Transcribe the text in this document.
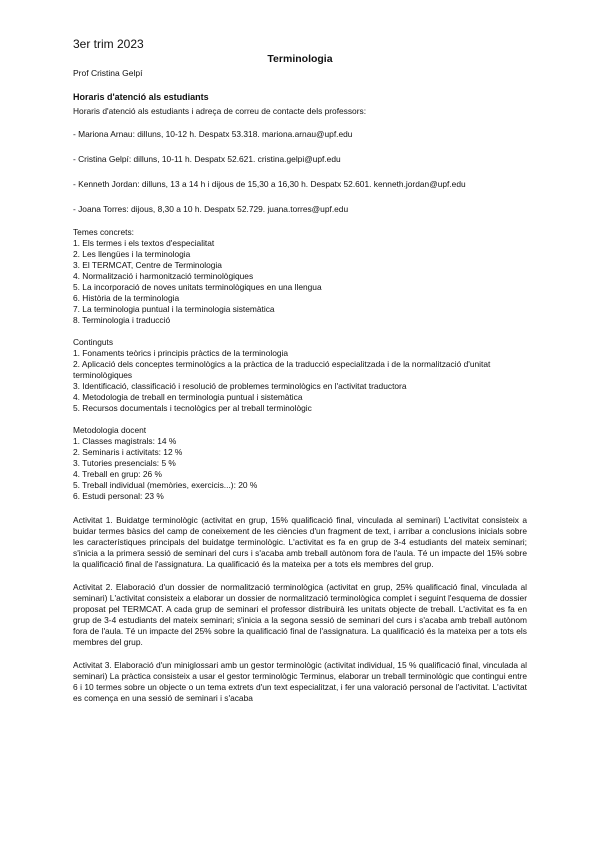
3er trim 2023
Terminologia
Prof Cristina Gelpí
Horaris d'atenció als estudiants

Horaris d'atenció als estudiants i adreça de correu de contacte dels professors:

- Mariona Arnau: dilluns, 10-12 h. Despatx 53.318. mariona.arnau@upf.edu

- Cristina Gelpí: dilluns, 10-11 h. Despatx 52.621. cristina.gelpi@upf.edu

- Kenneth Jordan: dilluns, 13 a 14 h i dijous de 15,30 a 16,30 h. Despatx 52.601. kenneth.jordan@upf.edu

- Joana Torres: dijous, 8,30 a 10 h. Despatx 52.729. juana.torres@upf.edu

Temes concrets:
1. Els termes i els textos d'especialitat
2. Les llengües i la terminologia
3. El TERMCAT, Centre de Terminologia
4. Normalització i harmonització terminològiques
5. La incorporació de noves unitats terminològiques en una llengua
6. Història de la terminologia
7. La terminologia puntual i la terminologia sistemàtica
8. Terminologia i traducció
Continguts
1. Fonaments teòrics i principis pràctics de la terminologia
2. Aplicació dels conceptes terminològics a la pràctica de la traducció especialitzada i de la normalització d'unitat terminològiques
3. Identificació, classificació i resolució de problemes terminològics en l'activitat traductora
4. Metodologia de treball en terminologia puntual i sistemàtica
5. Recursos documentals i tecnològics per al treball terminològic
Metodologia docent
1. Classes magistrals: 14 %
2. Seminaris i activitats: 12 %
3. Tutories presencials: 5 %
4. Treball en grup: 26 %
5. Treball individual (memòries, exercicis...): 20 %
6. Estudi personal: 23 %

Activitat 1. Buidatge terminològic (activitat en grup, 15% qualificació final, vinculada al seminari) L'activitat consisteix a buidar termes bàsics del camp de coneixement de les ciències d'un fragment de text, i arribar a conclusions inicials sobre les característiques principals del buidatge terminològic. L'activitat es fa en grup de 3-4 estudiants del mateix seminari; s'inicia a la primera sessió de seminari del curs i s'acaba amb treball autònom fora de l'aula. Té un impacte del 15% sobre la qualificació final de l'assignatura. La qualificació és la mateixa per a tots els membres del grup.

Activitat 2. Elaboració d'un dossier de normalització terminològica (activitat en grup, 25% qualificació final, vinculada al seminari) L'activitat consisteix a elaborar un dossier de normalització terminològica complet i seguint l'esquema de dossier proposat pel TERMCAT. A cada grup de seminari el professor distribuirà les unitats objecte de treball. L'activitat es fa en grup de 3-4 estudiants del mateix seminari; s'inicia a la segona sessió de seminari del curs i s'acaba amb treball autònom fora de l'aula. Té un impacte del 25% sobre la qualificació final de l'assignatura. La qualificació és la mateixa per a tots els membres del grup.

Activitat 3. Elaboració d'un miniglossari amb un gestor terminològic (activitat individual, 15 % qualificació final, vinculada al seminari) La pràctica consisteix a usar el gestor terminològic Terminus, elaborar un treball terminològic que contingui entre 6 i 10 termes sobre un objecte o un tema extrets d'un text especialitzat, i fer una valoració personal de l'activitat. L'activitat es comença en una sessió de seminari i s'acaba
